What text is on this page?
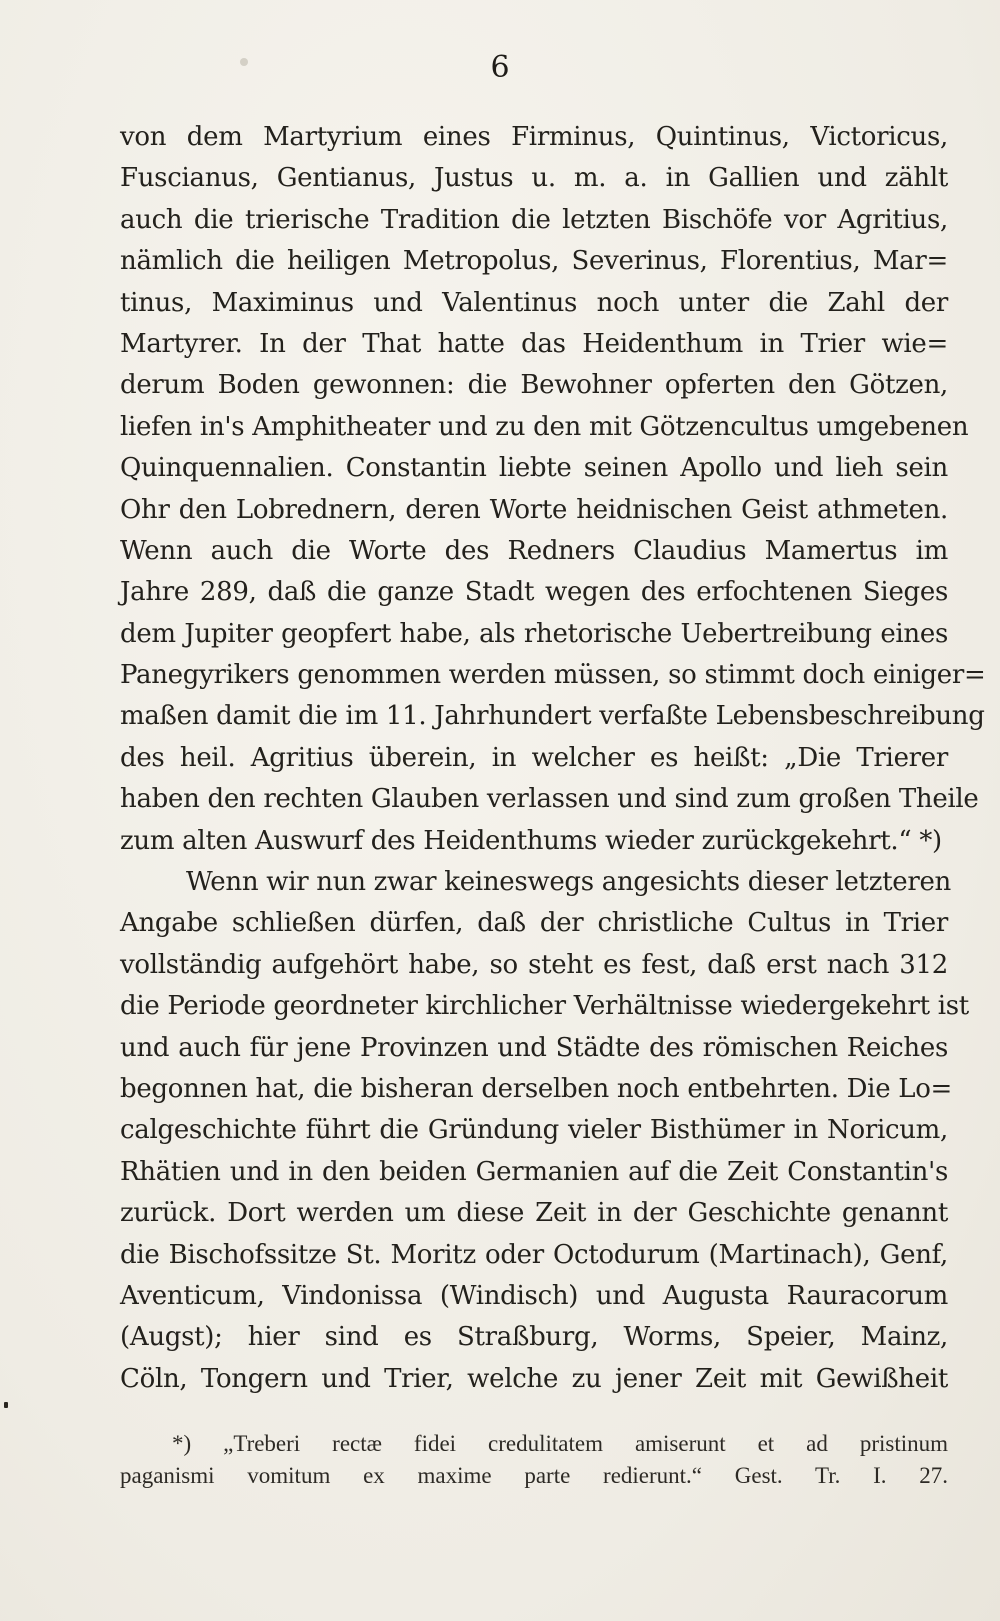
6
von dem Martyrium eines Firminus, Quintinus, Victoricus,
Fuscianus, Gentianus, Justus u. m. a. in Gallien und zählt
auch die trierische Tradition die letzten Bischöfe vor Agritius,
nämlich die heiligen Metropolus, Severinus, Florentius, Mar=
tinus, Maximinus und Valentinus noch unter die Zahl der
Martyrer. In der That hatte das Heidenthum in Trier wie=
derum Boden gewonnen: die Bewohner opferten den Götzen,
liefen in's Amphitheater und zu den mit Götzencultus umgebenen
Quinquennalien. Constantin liebte seinen Apollo und lieh sein
Ohr den Lobrednern, deren Worte heidnischen Geist athmeten.
Wenn auch die Worte des Redners Claudius Mamertus im
Jahre 289, daß die ganze Stadt wegen des erfochtenen Sieges
dem Jupiter geopfert habe, als rhetorische Uebertreibung eines
Panegyrikers genommen werden müssen, so stimmt doch einiger=
maßen damit die im 11. Jahrhundert verfaßte Lebensbeschreibung
des heil. Agritius überein, in welcher es heißt: „Die Trierer
haben den rechten Glauben verlassen und sind zum großen Theile
zum alten Auswurf des Heidenthums wieder zurückgekehrt.“ *)
Wenn wir nun zwar keineswegs angesichts dieser letzteren
Angabe schließen dürfen, daß der christliche Cultus in Trier
vollständig aufgehört habe, so steht es fest, daß erst nach 312
die Periode geordneter kirchlicher Verhältnisse wiedergekehrt ist
und auch für jene Provinzen und Städte des römischen Reiches
begonnen hat, die bisheran derselben noch entbehrten. Die Lo=
calgeschichte führt die Gründung vieler Bisthümer in Noricum,
Rhätien und in den beiden Germanien auf die Zeit Constantin's
zurück. Dort werden um diese Zeit in der Geschichte genannt
die Bischofssitze St. Moritz oder Octodurum (Martinach), Genf,
Aventicum, Vindonissa (Windisch) und Augusta Rauracorum
(Augst); hier sind es Straßburg, Worms, Speier, Mainz,
Cöln, Tongern und Trier, welche zu jener Zeit mit Gewißheit
*) „Treberi rectæ fidei credulitatem amiserunt et ad pristinum
paganismi vomitum ex maxime parte redierunt.“ Gest. Tr. I. 27.
